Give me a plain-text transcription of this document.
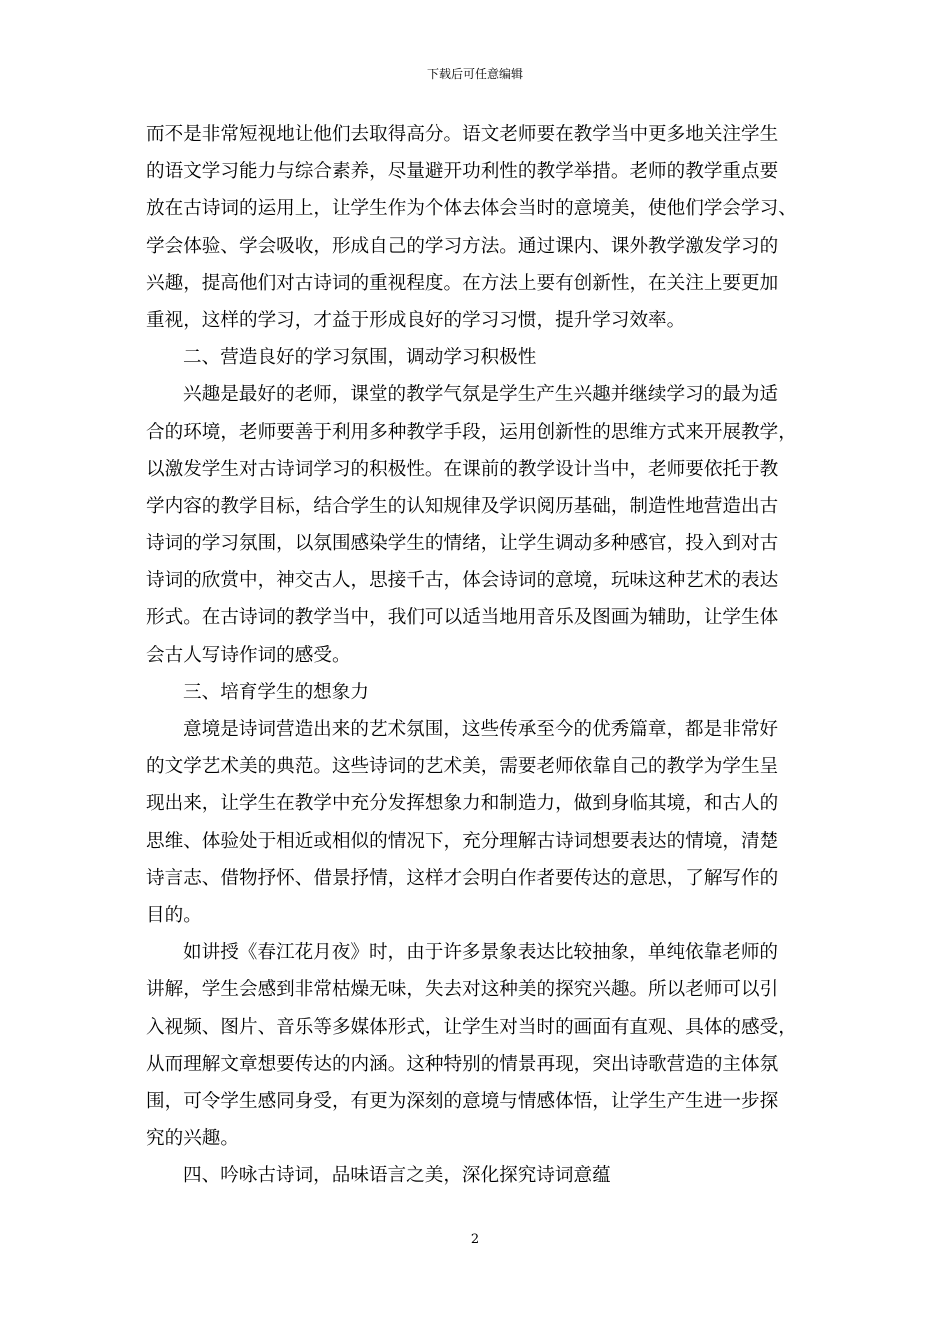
下载后可任意编辑
而不是非常短视地让他们去取得高分。语文老师要在教学当中更多地关注学生
的语文学习能力与综合素养，尽量避开功利性的教学举措。老师的教学重点要
放在古诗词的运用上，让学生作为个体去体会当时的意境美，使他们学会学习、
学会体验、学会吸收，形成自己的学习方法。通过课内、课外教学激发学习的
兴趣，提高他们对古诗词的重视程度。在方法上要有创新性，在关注上要更加
重视，这样的学习，才益于形成良好的学习习惯，提升学习效率。
二、营造良好的学习氛围，调动学习积极性
兴趣是最好的老师，课堂的教学气氛是学生产生兴趣并继续学习的最为适
合的环境，老师要善于利用多种教学手段，运用创新性的思维方式来开展教学，
以激发学生对古诗词学习的积极性。在课前的教学设计当中，老师要依托于教
学内容的教学目标，结合学生的认知规律及学识阅历基础，制造性地营造出古
诗词的学习氛围，以氛围感染学生的情绪，让学生调动多种感官，投入到对古
诗词的欣赏中，神交古人，思接千古，体会诗词的意境，玩味这种艺术的表达
形式。在古诗词的教学当中，我们可以适当地用音乐及图画为辅助，让学生体
会古人写诗作词的感受。
三、培育学生的想象力
意境是诗词营造出来的艺术氛围，这些传承至今的优秀篇章，都是非常好
的文学艺术美的典范。这些诗词的艺术美，需要老师依靠自己的教学为学生呈
现出来，让学生在教学中充分发挥想象力和制造力，做到身临其境，和古人的
思维、体验处于相近或相似的情况下，充分理解古诗词想要表达的情境，清楚
诗言志、借物抒怀、借景抒情，这样才会明白作者要传达的意思，了解写作的
目的。
如讲授《春江花月夜》时，由于许多景象表达比较抽象，单纯依靠老师的
讲解，学生会感到非常枯燥无味，失去对这种美的探究兴趣。所以老师可以引
入视频、图片、音乐等多媒体形式，让学生对当时的画面有直观、具体的感受，
从而理解文章想要传达的内涵。这种特别的情景再现，突出诗歌营造的主体氛
围，可令学生感同身受，有更为深刻的意境与情感体悟，让学生产生进一步探
究的兴趣。
四、吟咏古诗词，品味语言之美，深化探究诗词意蕴
2
